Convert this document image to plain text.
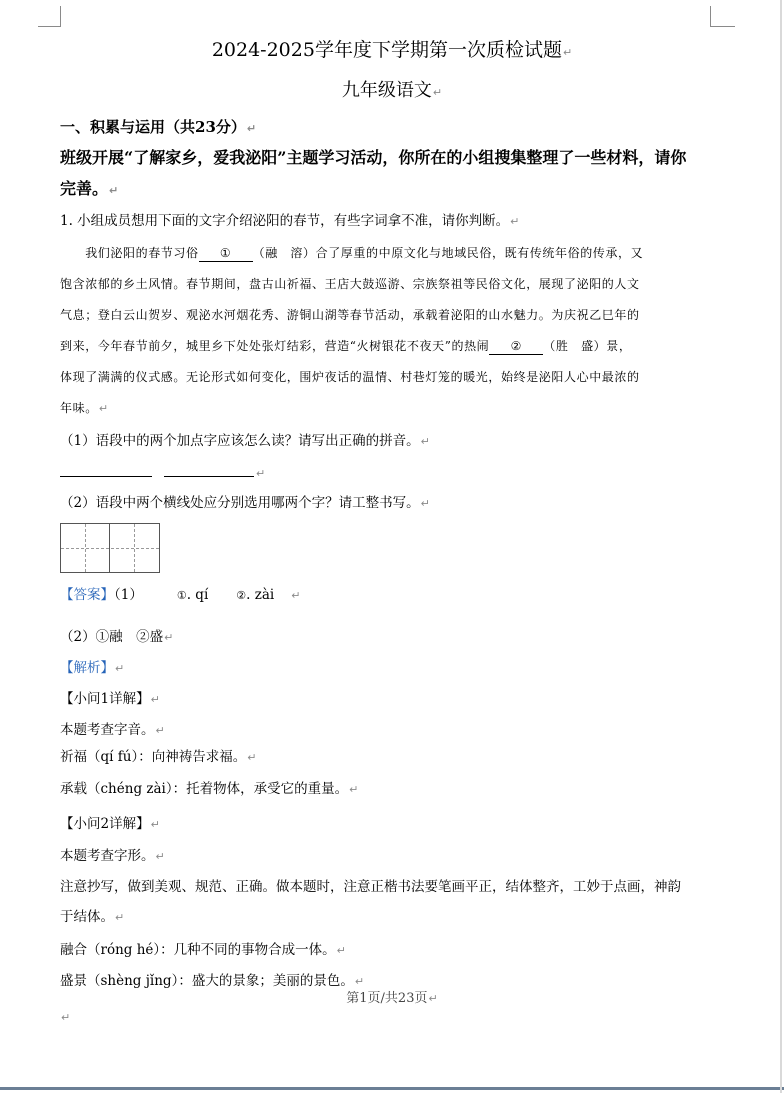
2024-2025学年度下学期第一次质检试题↵
九年级语文↵
一、积累与运用（共23分）↵
班级开展“了解家乡，爱我泌阳”主题学习活动，你所在的小组搜集整理了一些材料，请你
完善。↵
1. 小组成员想用下面的文字介绍泌阳的春节，有些字词拿不准，请你判断。↵
　　我们泌阳的春节习俗 ① （融　溶）合了厚重的中原文化与地域民俗，既有传统年俗的传承，又
饱含浓郁的乡土风情。春节期间，盘古山祈福、王店大鼓巡游、宗族祭祖等民俗文化，展现了泌阳的人文
气息；登白云山贺岁、观泌水河烟花秀、游铜山湖等春节活动，承载着泌阳的山水魅力。为庆祝乙巳年的
到来，今年春节前夕，城里乡下处处张灯结彩，营造“火树银花不夜天”的热闹 ② （胜　盛）景，
体现了满满的仪式感。无论形式如何变化，围炉夜话的温情、村巷灯笼的暖光，始终是泌阳人心中最浓的
年味。↵
（1）语段中的两个加点字应该怎么读？请写出正确的拼音。↵
↵
（2）语段中两个横线处应分别选用哪两个字？请工整书写。↵
【答案】（1）	①. qí	②. zài ↵
（2）①融　②盛↵
【解析】↵
【小问1详解】↵
本题考查字音。↵
祈福（qí fú）：向神祷告求福。↵
承载（chéng zài）：托着物体，承受它的重量。↵
【小问2详解】↵
本题考查字形。↵
注意抄写，做到美观、规范、正确。做本题时，注意正楷书法要笔画平正，结体整齐，工妙于点画，神韵
于结体。↵
融合（róng hé）：几种不同的事物合成一体。↵
盛景（shèng jǐng）：盛大的景象；美丽的景色。↵
第1页/共23页↵
↵
